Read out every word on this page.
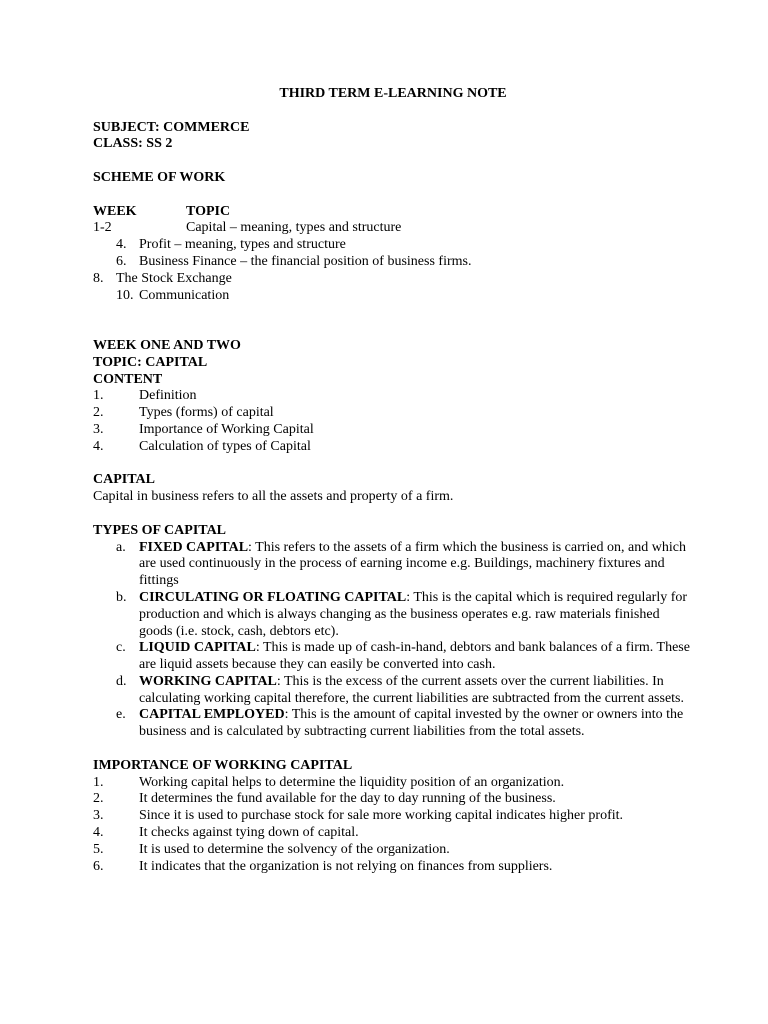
THIRD TERM E-LEARNING NOTE
SUBJECT: COMMERCE
CLASS: SS 2
SCHEME OF WORK
WEEK	TOPIC
1-2	Capital – meaning, types and structure
4. Profit – meaning, types and structure
6. Business Finance – the financial position of business firms.
8. The Stock Exchange
10. Communication
WEEK ONE AND TWO
TOPIC: CAPITAL
CONTENT
1.	Definition
2.	Types (forms) of capital
3.	Importance of Working Capital
4.	Calculation of types of Capital
CAPITAL
Capital in business refers to all the assets and property of a firm.
TYPES OF CAPITAL
a. FIXED CAPITAL: This refers to the assets of a firm which the business is carried on, and which are used continuously in the process of earning income e.g. Buildings, machinery fixtures and fittings
b. CIRCULATING OR FLOATING CAPITAL: This is the capital which is required regularly for production and which is always changing as the business operates e.g. raw materials finished goods (i.e. stock, cash, debtors etc).
c. LIQUID CAPITAL: This is made up of cash-in-hand, debtors and bank balances of a firm. These are liquid assets because they can easily be converted into cash.
d. WORKING CAPITAL: This is the excess of the current assets over the current liabilities. In calculating working capital therefore, the current liabilities are subtracted from the current assets.
e. CAPITAL EMPLOYED: This is the amount of capital invested by the owner or owners into the business and is calculated by subtracting current liabilities from the total assets.
IMPORTANCE OF WORKING CAPITAL
1.	Working capital helps to determine the liquidity position of an organization.
2.	It determines the fund available for the day to day running of the business.
3.	Since it is used to purchase stock for sale more working capital indicates higher profit.
4.	It checks against tying down of capital.
5.	It is used to determine the solvency of the organization.
6.	It indicates that the organization is not relying on finances from suppliers.
